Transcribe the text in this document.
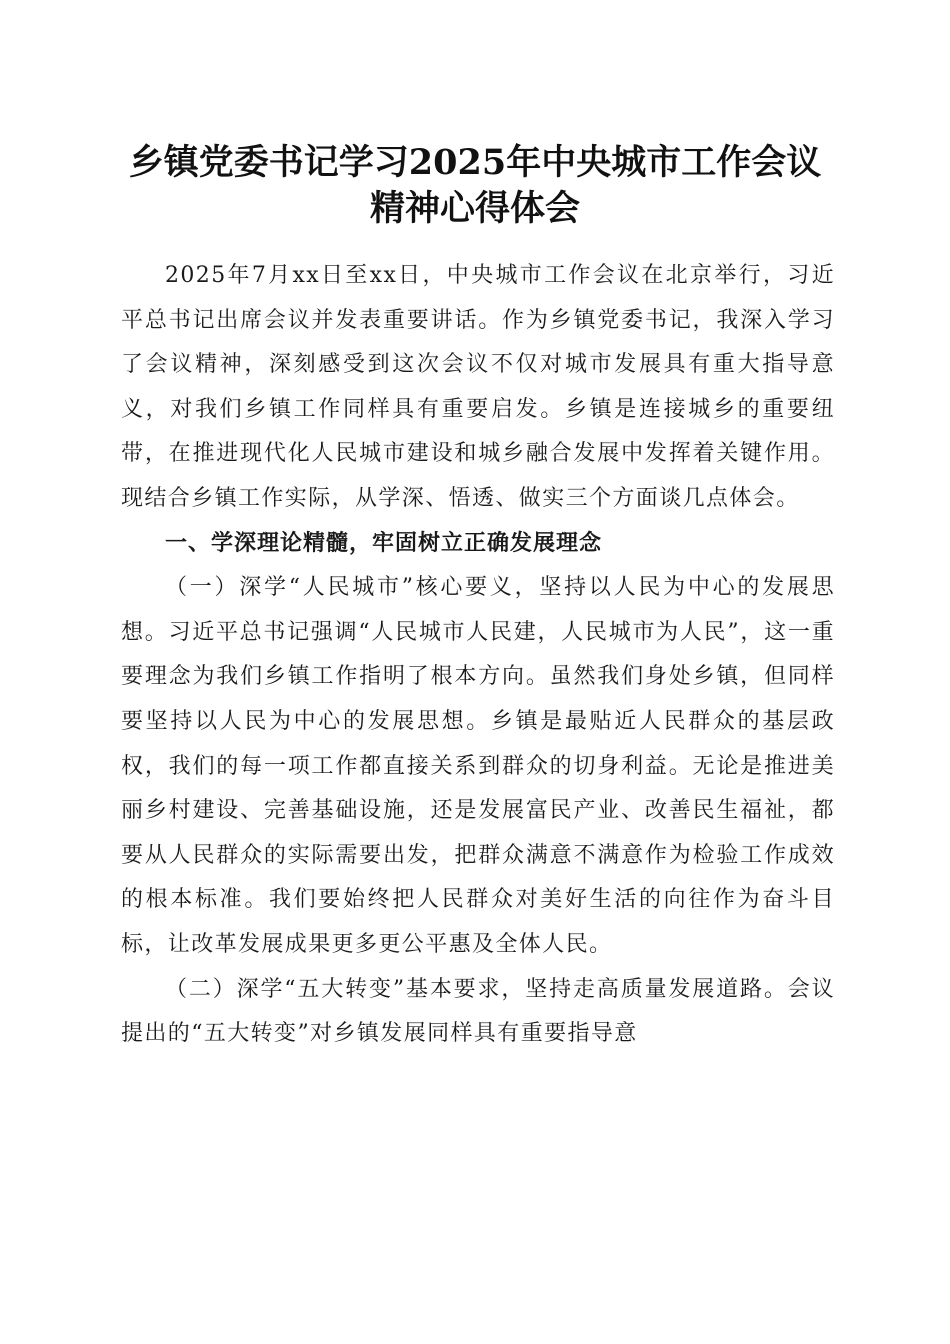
乡镇党委书记学习2025年中央城市工作会议
精神心得体会

2025年7月xx日至xx日，中央城市工作会议在北京举行，习近平总书记出席会议并发表重要讲话。作为乡镇党委书记，我深入学习了会议精神，深刻感受到这次会议不仅对城市发展具有重大指导意义，对我们乡镇工作同样具有重要启发。乡镇是连接城乡的重要纽带，在推进现代化人民城市建设和城乡融合发展中发挥着关键作用。现结合乡镇工作实际，从学深、悟透、做实三个方面谈几点体会。

一、学深理论精髓，牢固树立正确发展理念

（一）深学“人民城市”核心要义，坚持以人民为中心的发展思想。习近平总书记强调“人民城市人民建，人民城市为人民”，这一重要理念为我们乡镇工作指明了根本方向。虽然我们身处乡镇，但同样要坚持以人民为中心的发展思想。乡镇是最贴近人民群众的基层政权，我们的每一项工作都直接关系到群众的切身利益。无论是推进美丽乡村建设、完善基础设施，还是发展富民产业、改善民生福祉，都要从人民群众的实际需要出发，把群众满意不满意作为检验工作成效的根本标准。我们要始终把人民群众对美好生活的向往作为奋斗目标，让改革发展成果更多更公平惠及全体人民。

（二）深学“五大转变”基本要求，坚持走高质量发展道路。会议提出的“五大转变”对乡镇发展同样具有重要指导意
